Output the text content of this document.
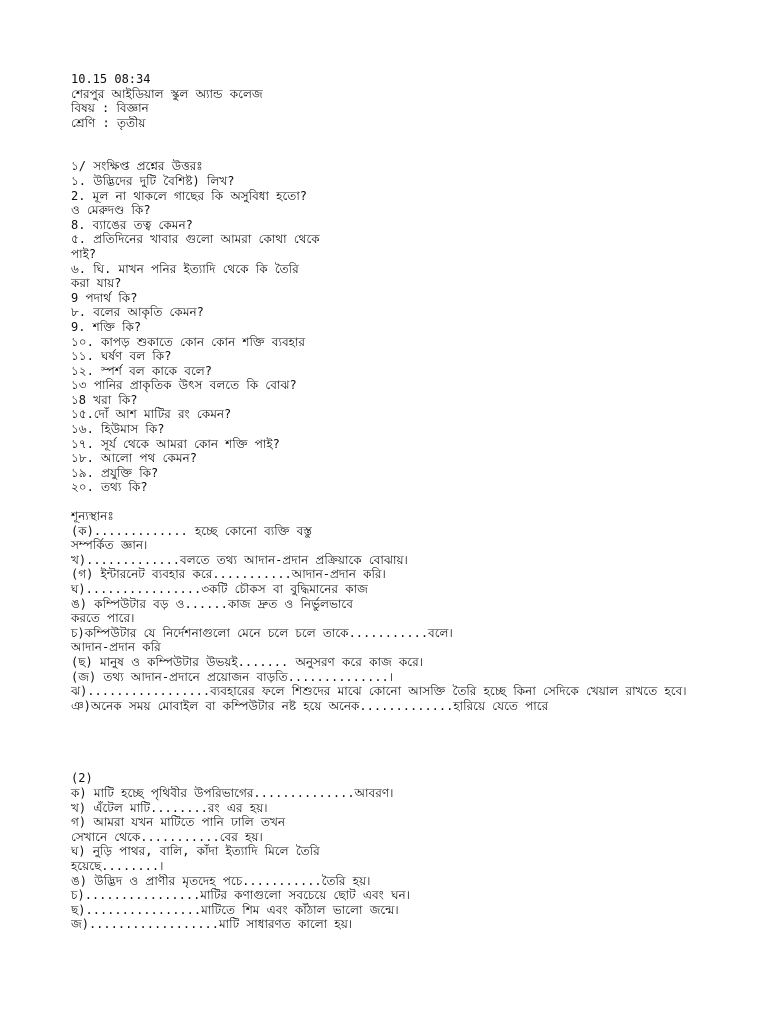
10.15 08:34
শেরপুর আইডিয়াল স্কুল অ্যান্ড কলেজ
বিষয় : বিজ্ঞান
শ্রেণি : তৃতীয়
১/ সংক্ষিপ্ত প্রশ্নের উত্তরঃ
১. উদ্ভিদের দুটি বৈশিষ্ট) লিখ?
2. মূল না থাকলে গাছের কি অসুবিধা হতো?
ও মেরুদণ্ড কি?
8. ব্যাঙের তত্ব কেমন?
৫. প্রতিদিনের খাবার গুলো আমরা কোথা থেকে
পাই?
৬. ঘি. মাখন পনির ইত্যাদি থেকে কি তৈরি
করা যায়?
9 পদার্থ কি?
৮. বলের আকৃতি কেমন?
9. শক্তি কি?
১০. কাপড় শুকাতে কোন কোন শক্তি ব্যবহার
১১. ঘর্ষণ বল কি?
১২. স্পর্শ বল কাকে বলে?
১৩ পানির প্রাকৃতিক উৎস বলতে কি বোঝ?
১8 খরা কি?
১৫.দোঁ আশ মাটির রং কেমন?
১৬. হিউমাস কি?
১৭. সূর্য থেকে আমরা কোন শক্তি পাই?
১৮. আলো পথ কেমন?
১৯. প্রযুক্তি কি?
২০. তথ্য কি?
শূন্যস্থানঃ
(ক)............. হচ্ছে কোনো ব্যক্তি বস্তু
সম্পর্কিত জ্ঞান।
খ).............বলতে তথ্য আদান-প্রদান প্রক্রিয়াকে বোঝায়।
(গ) ইন্টারনেট ব্যবহার করে...........আদান-প্রদান করি।
ঘ)................৩কটি চৌকস বা বুদ্ধিমানের কাজ
ঙ) কম্পিউটার বড় ও......কাজ দ্রুত ও নির্ভুলভাবে
করতে পারে।
চ)কম্পিউটার যে নির্দেশনাগুলো মেনে চলে চলে তাকে...........বলে।
আদান-প্রদান করি
(ছ) মানুষ ও কম্পিউটার উভয়ই....... অনুসরণ করে কাজ করে।
(জ) তথ্য আদান-প্রদানে প্রয়োজন বাড়তি..............।
ঝ).................ব্যবহারের ফলে শিশুদের মাঝে কোনো আসক্তি তৈরি হচ্ছে কিনা সেদিকে খেয়াল রাখতে হবে।
ঞ)অনেক সময় মোবাইল বা কম্পিউটার নষ্ট হয়ে অনেক.............হারিয়ে যেতে পারে
(2)
ক) মাটি হচ্ছে পৃথিবীর উপরিভাগের..............আবরণ।
খ) এঁটেল মাটি........রং এর হয়।
গ) আমরা যখন মাটিতে পানি ঢালি তখন
সেখানে থেকে...........বের হয়।
ঘ) নুড়ি পাথর, বালি, কাঁদা ইত্যাদি মিলে তৈরি
হয়েছে........।
ঙ) উদ্ভিদ ও প্রাণীর মৃতদেহ পচে...........তৈরি হয়।
চ)................মাটির কণাগুলো সবচেয়ে ছোট এবং ঘন।
ছ)................মাটিতে শিম এবং কাঁঠাল ভালো জন্মে।
জ)..................মাটি সাধারণত কালো হয়।
